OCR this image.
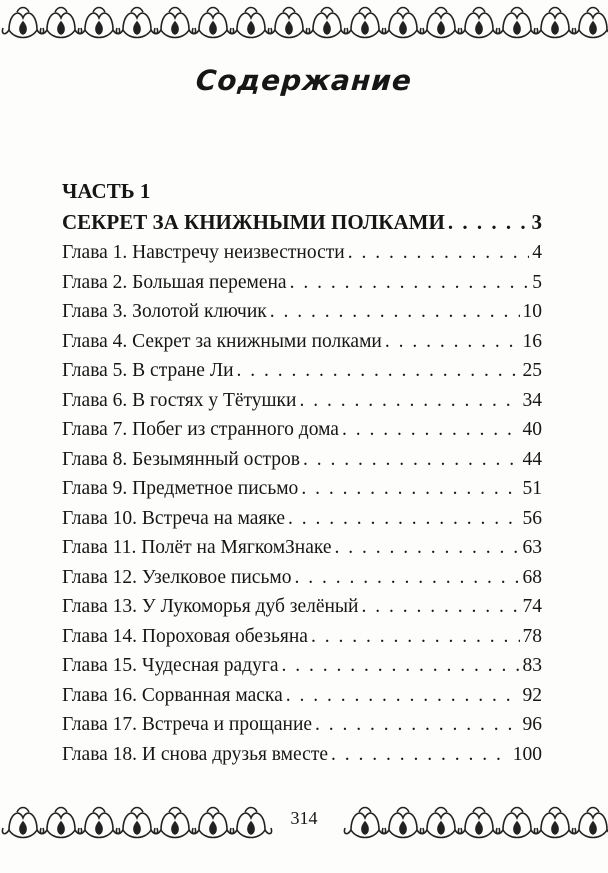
Содержание
ЧАСТЬ 1
СЕКРЕТ ЗА КНИЖНЫМИ ПОЛКАМИ . . .	3
Глава 1. Навстречу неизвестности . . .	4
Глава 2. Большая перемена . . .	5
Глава 3. Золотой ключик . . .	10
Глава 4. Секрет за книжными полками . . .	16
Глава 5. В стране Ли . . .	25
Глава 6. В гостях у Тётушки . . .	34
Глава 7. Побег из странного дома . . .	40
Глава 8. Безымянный остров . . .	44
Глава 9. Предметное письмо . . .	51
Глава 10. Встреча на маяке . . .	56
Глава 11. Полёт на МягкомЗнаке . . .	63
Глава 12. Узелковое письмо . . .	68
Глава 13. У Лукоморья дуб зелёный . . .	74
Глава 14. Пороховая обезьяна . . .	78
Глава 15. Чудесная радуга . . .	83
Глава 16. Сорванная маска . . .	92
Глава 17. Встреча и прощание . . .	96
Глава 18. И снова друзья вместе . . .	100
314
